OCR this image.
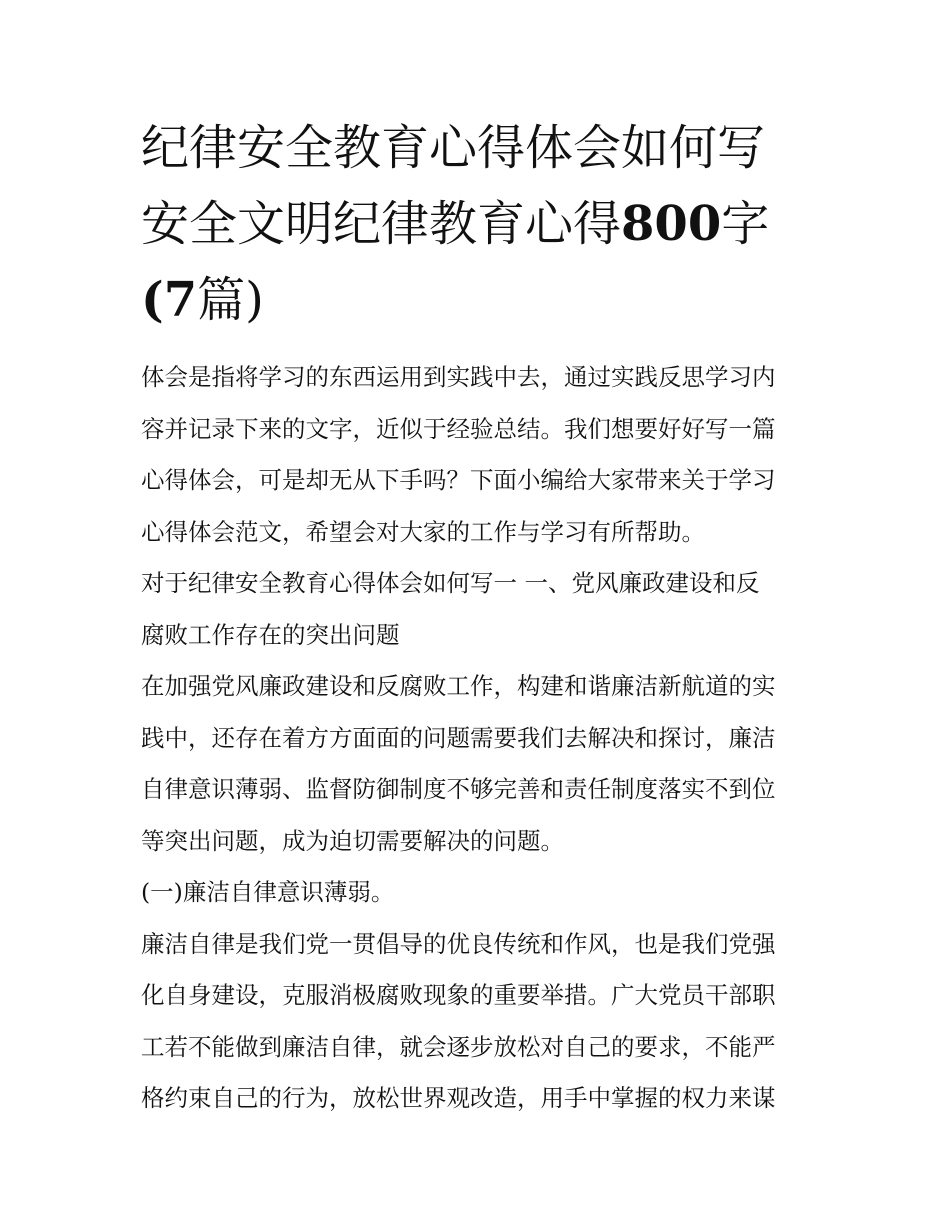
纪律安全教育心得体会如何写
安全文明纪律教育心得800字
(7篇)

体会是指将学习的东西运用到实践中去，通过实践反思学习内
容并记录下来的文字，近似于经验总结。我们想要好好写一篇
心得体会，可是却无从下手吗？下面小编给大家带来关于学习
心得体会范文，希望会对大家的工作与学习有所帮助。

对于纪律安全教育心得体会如何写一 一、党风廉政建设和反
腐败工作存在的突出问题

在加强党风廉政建设和反腐败工作，构建和谐廉洁新航道的实
践中，还存在着方方面面的问题需要我们去解决和探讨，廉洁
自律意识薄弱、监督防御制度不够完善和责任制度落实不到位
等突出问题，成为迫切需要解决的问题。

(一)廉洁自律意识薄弱。

廉洁自律是我们党一贯倡导的优良传统和作风，也是我们党强
化自身建设，克服消极腐败现象的重要举措。广大党员干部职
工若不能做到廉洁自律，就会逐步放松对自己的要求，不能严
格约束自己的行为，放松世界观改造，用手中掌握的权力来谋
